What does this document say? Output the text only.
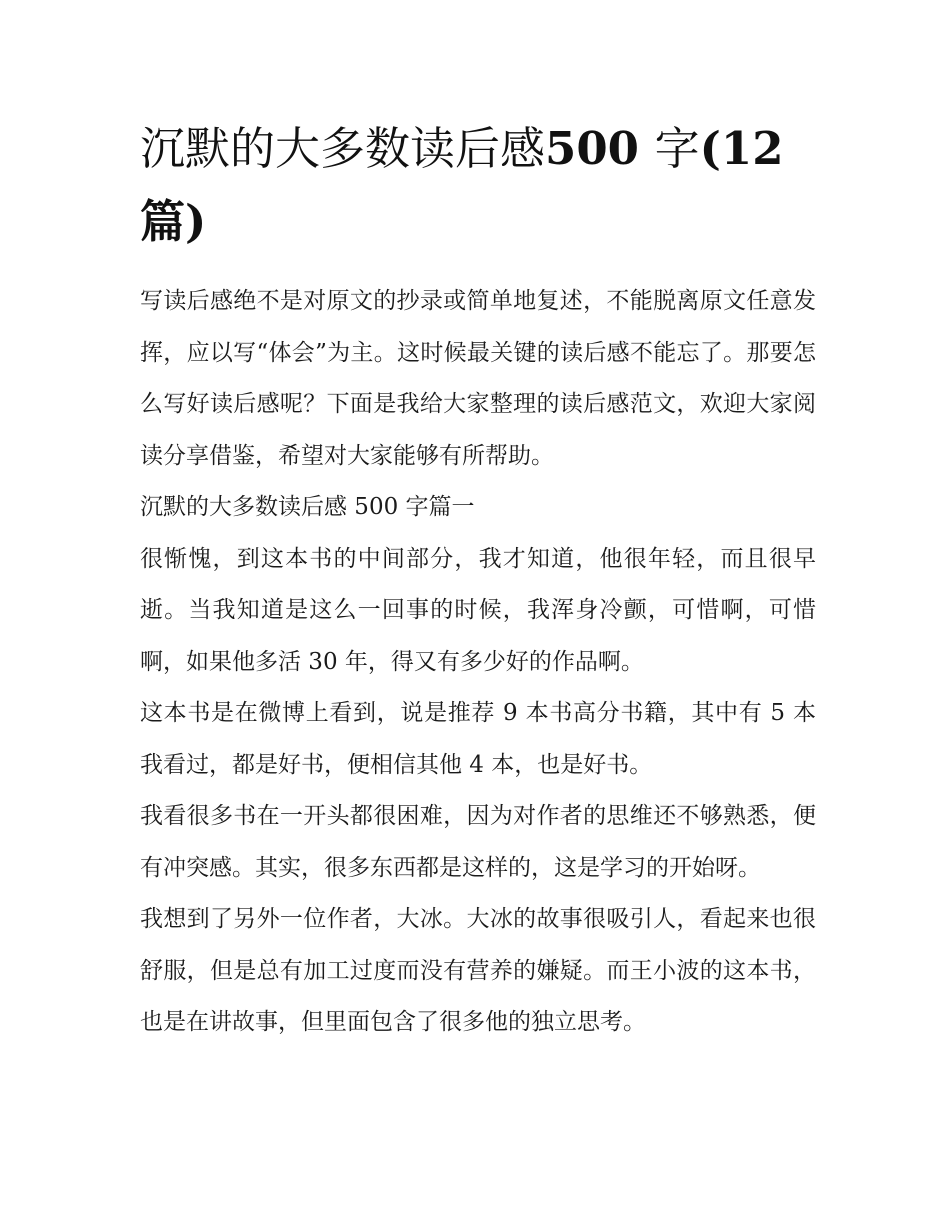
沉默的大多数读后感500 字(12
篇)

写读后感绝不是对原文的抄录或简单地复述，不能脱离原文任意发挥，应以写“体会”为主。这时候最关键的读后感不能忘了。那要怎么写好读后感呢？下面是我给大家整理的读后感范文，欢迎大家阅读分享借鉴，希望对大家能够有所帮助。

沉默的大多数读后感 500 字篇一

很惭愧，到这本书的中间部分，我才知道，他很年轻，而且很早逝。当我知道是这么一回事的时候，我浑身冷颤，可惜啊，可惜啊，如果他多活 30 年，得又有多少好的作品啊。

这本书是在微博上看到，说是推荐 9 本书高分书籍，其中有 5 本我看过，都是好书，便相信其他 4 本，也是好书。

我看很多书在一开头都很困难，因为对作者的思维还不够熟悉，便有冲突感。其实，很多东西都是这样的，这是学习的开始呀。

我想到了另外一位作者，大冰。大冰的故事很吸引人，看起来也很舒服，但是总有加工过度而没有营养的嫌疑。而王小波的这本书，也是在讲故事，但里面包含了很多他的独立思考。
